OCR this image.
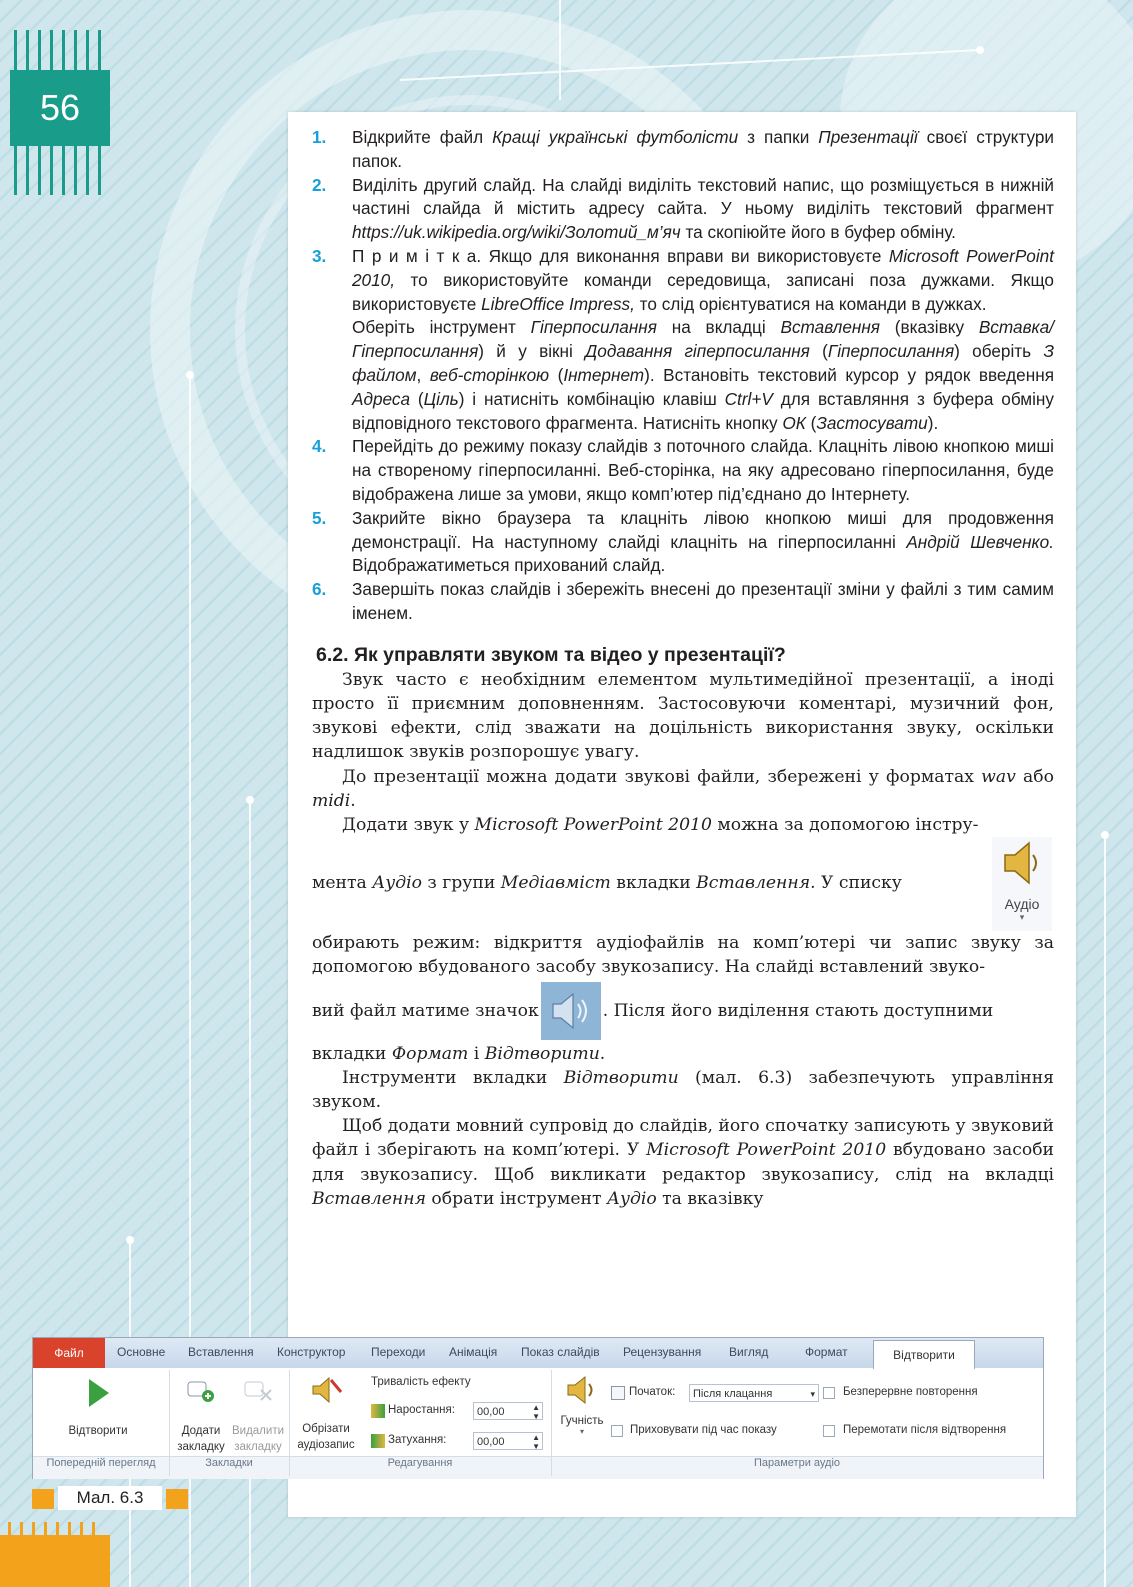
56
1. Відкрийте файл Кращі українські футболісти з папки Презентації своєї структури папок.
2. Виділіть другий слайд. На слайді виділіть текстовий напис, що розміщується в нижній частині слайда й містить адресу сайта. У ньому виділіть текстовий фрагмент https://uk.wikipedia.org/wiki/Золотий_м’яч та скопіюйте його в буфер обміну.
3. П р и м і т к а. Якщо для виконання вправи ви використовуєте Microsoft PowerPoint 2010, то використовуйте команди середовища, записані поза дужками. Якщо використовуєте LibreOffice Impress, то слід орієнтуватися на команди в дужках.
Оберіть інструмент Гіперпосилання на вкладці Вставлення (вказівку Вставка/Гіперпосилання) й у вікні Додавання гіперпосилання (Гіперпосилання) оберіть З файлом, веб-сторінкою (Інтернет). Встановіть текстовий курсор у рядок введення Адреса (Ціль) і натисніть комбінацію клавіш Ctrl+V для вставляння з буфера обміну відповідного текстового фрагмента. Натисніть кнопку ОК (Застосувати).
4. Перейдіть до режиму показу слайдів з поточного слайда. Клацніть лівою кнопкою миші на створеному гіперпосиланні. Веб-сторінка, на яку адресовано гіперпосилання, буде відображена лише за умови, якщо комп’ютер під’єднано до Інтернету.
5. Закрийте вікно браузера та клацніть лівою кнопкою миші для продовження демонстрації. На наступному слайді клацніть на гіперпосиланні Андрій Шевченко. Відображатиметься прихований слайд.
6. Завершіть показ слайдів і збережіть внесені до презентації зміни у файлі з тим самим іменем.
6.2. Як управляти звуком та відео у презентації?

Звук часто є необхідним елементом мультимедійної презентації, а іноді просто її приємним доповненням. Застосовуючи коментарі, музичний фон, звукові ефекти, слід зважати на доцільність використання звуку, оскільки надлишок звуків розпорошує увагу.

До презентації можна додати звукові файли, збережені у форматах wav або midi.

Додати звук у Microsoft PowerPoint 2010 можна за допомогою інстру-

мента Аудіо з групи Медіавміст вкладки Вставлення. У списку
Аудіо
▾

обирають режим: відкриття аудіофайлів на комп’ютері чи запис звуку за допомогою вбудованого засобу звукозапису. На слайді вставлений звуко-

вий файл матиме значок	. Після його виділення стають доступними

вкладки Формат і Відтворити.

Інструменти вкладки Відтворити (мал. 6.3) забезпечують управління звуком.

Щоб додати мовний супровід до слайдів, його спочатку записують у звуковий файл і зберігають на комп’ютері. У Microsoft PowerPoint 2010 вбудовано засоби для звукозапису. Щоб викликати редактор звукозапису, слід на вкладці Вставлення обрати інструмент Аудіо та вказівку

Файл	Основне Вставлення Конструктор Переходи Анімація Показ слайдів Рецензування Вигляд	Формат	Відтворити
Відтворити
Попередній перегляд
Додати
закладку
Видалити
закладку
Закладки
Обрізати
аудіозапис
Тривалість ефекту
Наростання:	00,00	▲
▼
Затухання:	00,00	▲
▼
Редагування
Гучність
▾
Початок:	Після клацання	▾ Безперервне повторення
Приховувати під час показу	Перемотати після відтворення
Параметри аудіо
Мал. 6.3
